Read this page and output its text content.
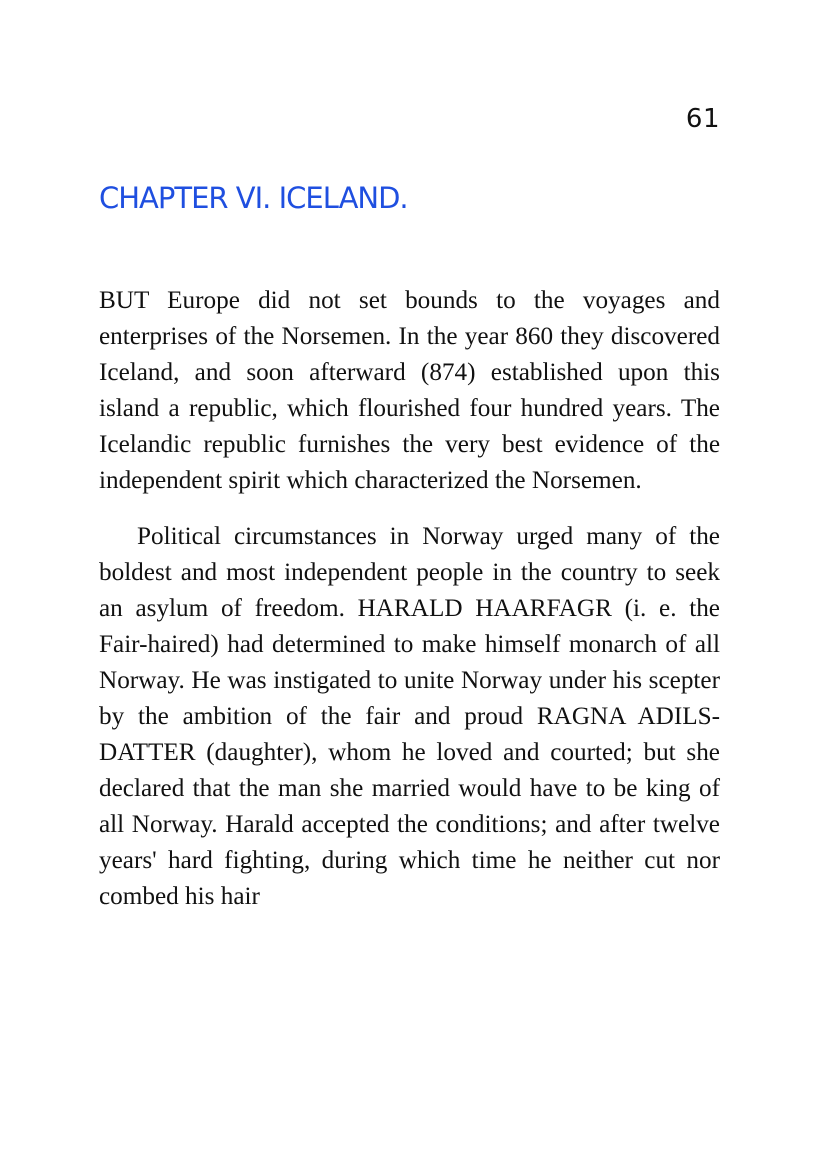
61
CHAPTER VI. ICELAND.

BUT Europe did not set bounds to the voyages and enterprises of the Norsemen. In the year 860 they discovered Iceland, and soon afterward (874) established upon this island a republic, which flourished four hundred years. The Icelandic republic furnishes the very best evidence of the independent spirit which characterized the Norsemen.

Political circumstances in Norway urged many of the boldest and most independent people in the country to seek an asylum of freedom. HARALD HAARFAGR (i. e. the Fair-haired) had determined to make himself monarch of all Norway. He was instigated to unite Norway under his scepter by the ambition of the fair and proud RAGNA ADILSDATTER (daughter), whom he loved and courted; but she declared that the man she married would have to be king of all Norway. Harald accepted the conditions; and after twelve years' hard fighting, during which time he neither cut nor combed his hair
